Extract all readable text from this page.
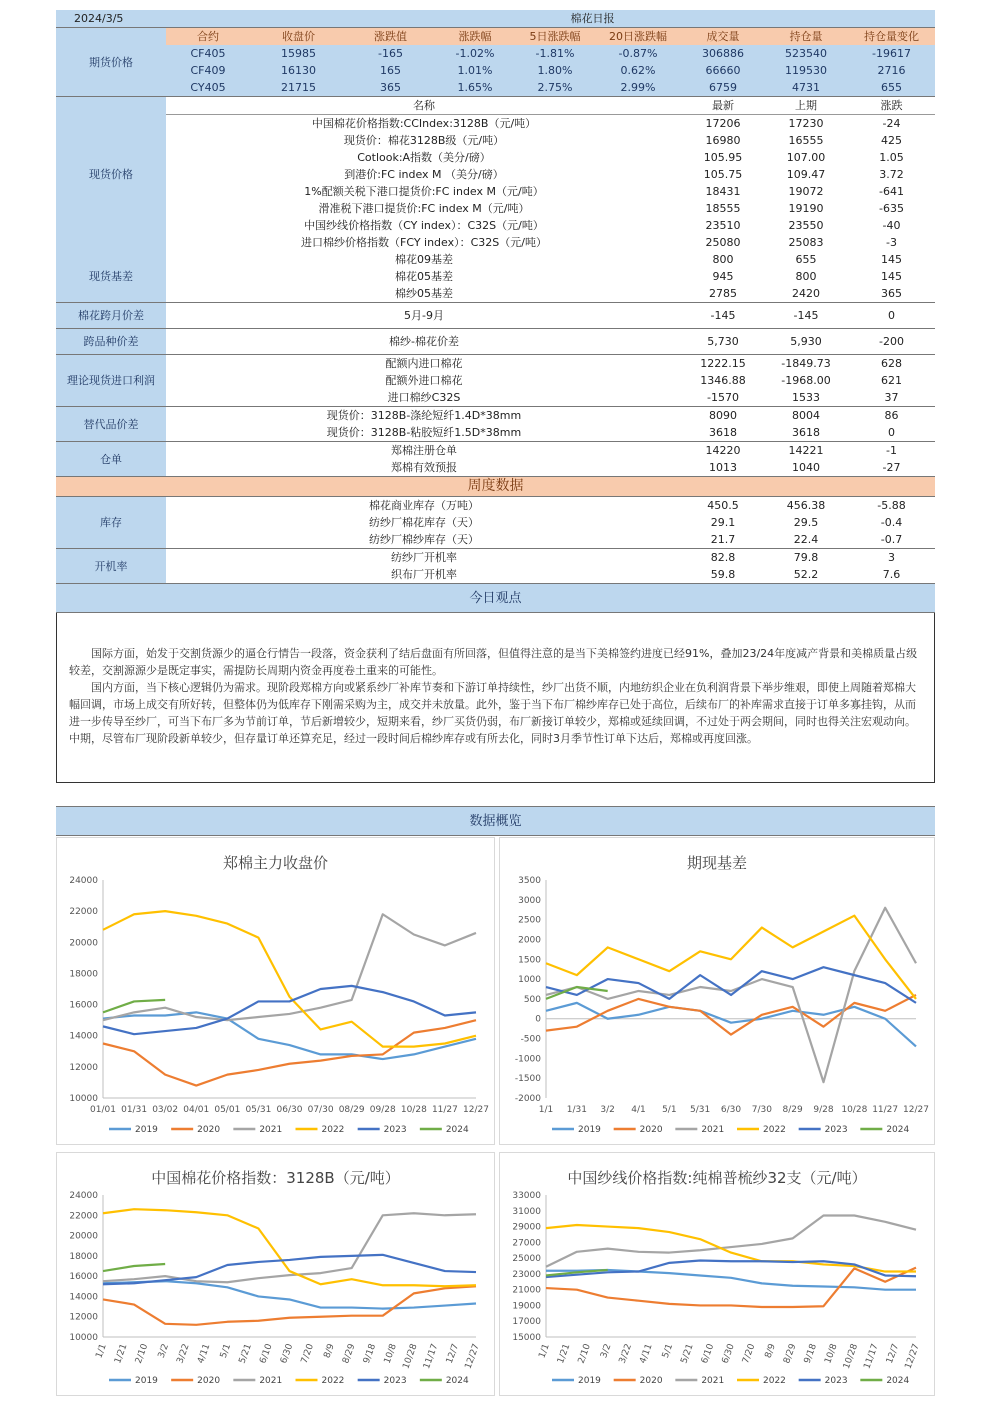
2024/3/5		棉花日报							
期货价格	合约	收盘价	涨跌值	涨跌幅	5日涨跌幅	20日涨跌幅	成交量	持仓量	持仓量变化
	CF405	15985	-165	-1.02%	-1.81%	-0.87%	306886	523540	-19617
	CF409	16130	165	1.01%	1.80%	0.62%	66660	119530	2716
	CY405	21715	365	1.65%	2.75%	2.99%	6759	4731	655
现货价格	名称						最新	上期	涨跌
	中国棉花价格指数:CCIndex:3128B（元/吨）						17206	17230	-24
	现货价：棉花3128B级（元/吨）						16980	16555	425
	Cotlook:A指数（美分/磅）						105.95	107.00	1.05
	到港价:FC index M （美分/磅）						105.75	109.47	3.72
	1%配额关税下港口提货价:FC index M（元/吨）						18431	19072	-641
	滑准税下港口提货价:FC index M（元/吨）						18555	19190	-635
	中国纱线价格指数（CY index）：C32S（元/吨）						23510	23550	-40
	进口棉纱价格指数（FCY index）：C32S（元/吨）						25080	25083	-3
现货基差	棉花09基差						800	655	145
	棉花05基差						945	800	145
	棉纱05基差						2785	2420	365
棉花跨月价差	5月-9月						-145	-145	0
跨品种价差	棉纱-棉花价差						5,730	5,930	-200
理论现货进口利润	配额内进口棉花						1222.15	-1849.73	628
	配额外进口棉花						1346.88	-1968.00	621
	进口棉纱C32S						-1570	1533	37
替代品价差	现货价：3128B-涤纶短纤1.4D*38mm						8090	8004	86
	现货价：3128B-粘胶短纤1.5D*38mm						3618	3618	0
仓单	郑棉注册仓单						14220	14221	-1
	郑棉有效预报						1013	1040	-27
周度数据									
库存	棉花商业库存（万吨）						450.5	456.38	-5.88
	纺纱厂棉花库存（天）						29.1	29.5	-0.4
	纺纱厂棉纱库存（天）						21.7	22.4	-0.7
开机率	纺纱厂开机率						82.8	79.8	3
	织布厂开机率						59.8	52.2	7.6
今日观点

国际方面，始发于交割货源少的逼仓行情告一段落，资金获利了结后盘面有所回落，但值得注意的是当下美棉签约进度已经91%，叠加23/24年度减产背景和美棉质量占级较差，交割源源少是既定事实，需提防长周期内资金再度卷土重来的可能性。

国内方面，当下核心逻辑仍为需求。现阶段郑棉方向或紧系纱厂补库节奏和下游订单持续性，纱厂出货不顺，内地纺织企业在负利润背景下举步维艰，即使上周随着郑棉大幅回调，市场上成交有所好转，但整体仍为低库存下刚需采购为主，成交并未放量。此外，鉴于当下布厂棉纱库存已处于高位，后续布厂的补库需求直接于订单多寡挂钩，从而进一步传导至纱厂，可当下布厂多为节前订单，节后新增较少，短期来看，纱厂买货仍弱，布厂新接订单较少，郑棉或延续回调，不过处于两会期间，同时也得关注宏观动向。中期，尽管布厂现阶段新单较少，但存量订单还算充足，经过一段时间后棉纱库存或有所去化，同时3月季节性订单下达后，郑棉或再度回涨。

数据概览
郑棉主力收盘价
10000
12000
14000
16000
18000
20000
22000
24000
01/01 01/31 03/02 04/01 05/01 05/31 06/30 07/30 08/29 09/28 10/28 11/27 12/27
2019	2020	2021	2022	2023	2024
期现基差
-2000
-1500
-1000
-500
0
500
1000
1500
2000
2500
3000
3500
1/1 1/31 3/2 4/1 5/1 5/31 6/30 7/30 8/29 9/28 10/28 11/27 12/27
2019	2020	2021	2022	2023	2024
中国棉花价格指数：3128B（元/吨）
10000
12000
14000
16000
18000
20000
22000
24000
1/1 1/21 2/10 3/2 3/22 4/11 5/1 5/21 6/10 6/30 7/20 8/9 8/29 9/18 10/8 10/28 11/17 12/7 12/27
2019	2020	2021	2022	2023	2024
中国纱线价格指数:纯棉普梳纱32支（元/吨）
15000
17000
19000
21000
23000
25000
27000
29000
31000
33000
1/1 1/21 2/10 3/2 3/22 4/11 5/1 5/21 6/10 6/30 7/20 8/9 8/29 9/18 10/8 10/28 11/17 12/7 12/27
2019	2020	2021	2022	2023	2024
